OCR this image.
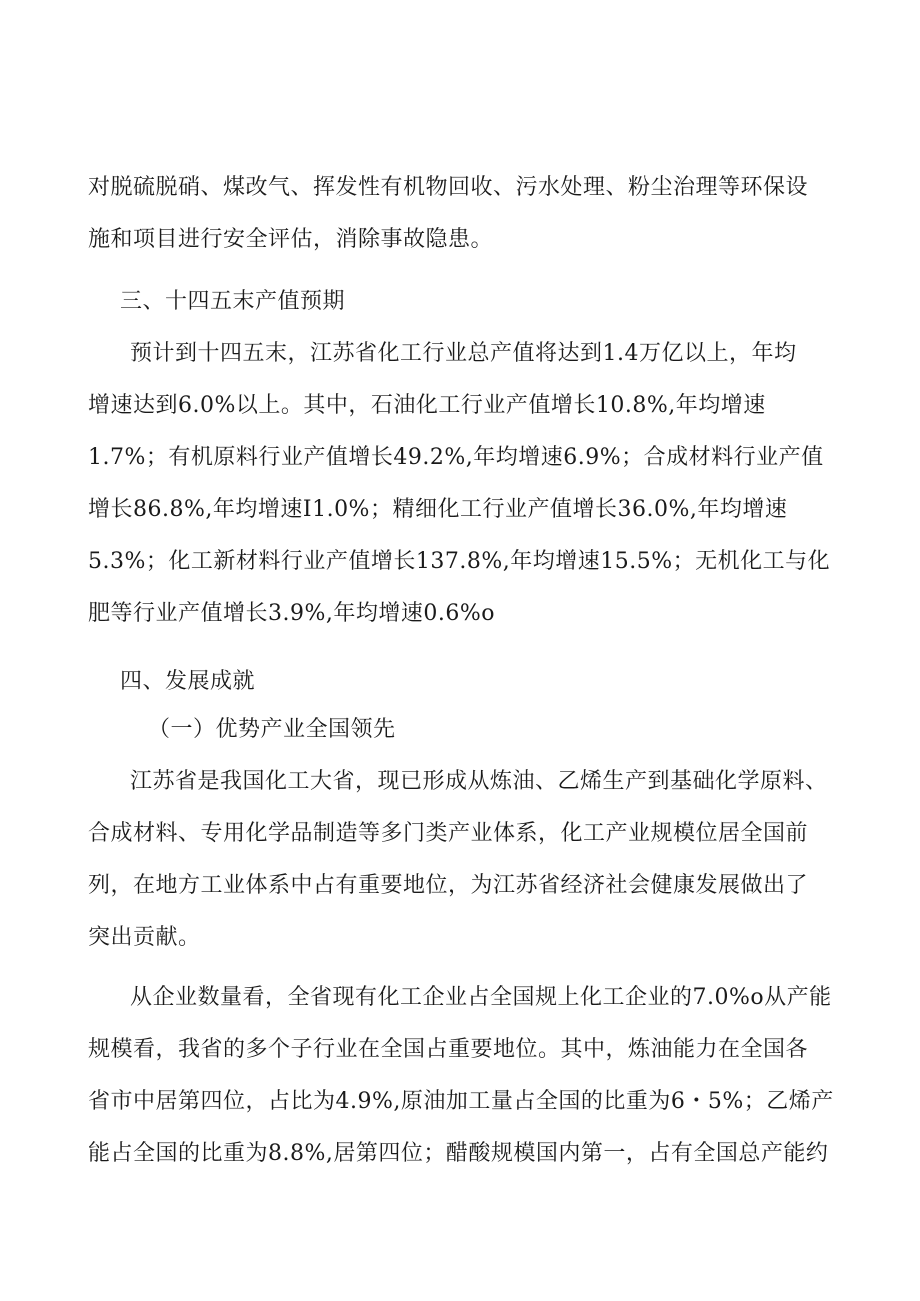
对脱硫脱硝、煤改气、挥发性有机物回收、污水处理、粉尘治理等环保设
施和项目进行安全评估，消除事故隐患。
三、十四五末产值预期
预计到十四五末，江苏省化工行业总产值将达到1.4万亿以上，年均
增速达到6.0%以上。其中，石油化工行业产值增长10.8%,年均增速
1.7%；有机原料行业产值增长49.2%,年均增速6.9%；合成材料行业产值
增长86.8%,年均增速I1.0%；精细化工行业产值增长36.0%,年均增速
5.3%；化工新材料行业产值增长137.8%,年均增速15.5%；无机化工与化
肥等行业产值增长3.9%,年均增速0.6%o
四、发展成就
（一）优势产业全国领先
江苏省是我国化工大省，现已形成从炼油、乙烯生产到基础化学原料、
合成材料、专用化学品制造等多门类产业体系，化工产业规模位居全国前
列，在地方工业体系中占有重要地位，为江苏省经济社会健康发展做出了
突出贡献。
从企业数量看，全省现有化工企业占全国规上化工企业的7.0%o从产能
规模看，我省的多个子行业在全国占重要地位。其中，炼油能力在全国各
省市中居第四位，占比为4.9%,原油加工量占全国的比重为6・5%；乙烯产
能占全国的比重为8.8%,居第四位；醋酸规模国内第一，占有全国总产能约
